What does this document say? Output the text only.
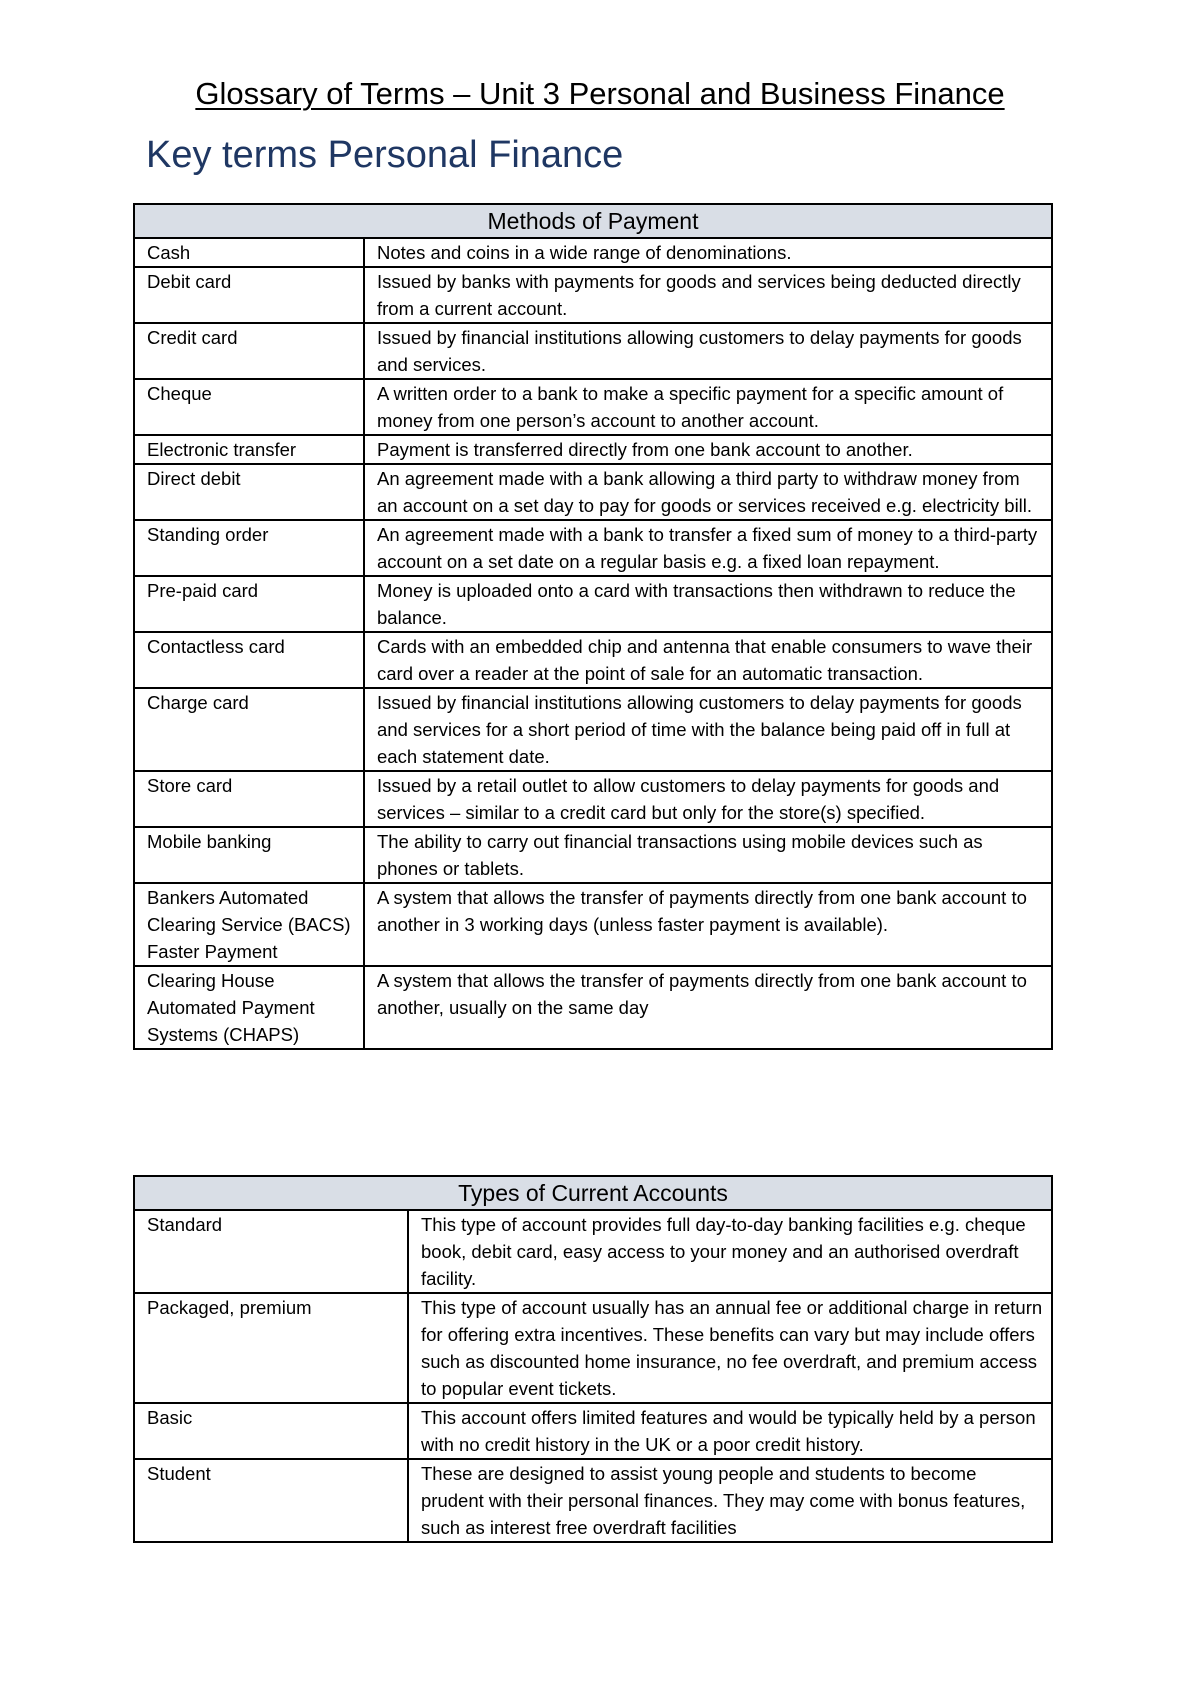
Glossary of Terms – Unit 3 Personal and Business Finance
Key terms Personal Finance
Methods of Payment	
Cash	Notes and coins in a wide range of denominations.
Debit card	Issued by banks with payments for goods and services being deducted directly from a current account.
Credit card	Issued by financial institutions allowing customers to delay payments for goods and services.
Cheque	A written order to a bank to make a specific payment for a specific amount of money from one person’s account to another account.
Electronic transfer	Payment is transferred directly from one bank account to another.
Direct debit	An agreement made with a bank allowing a third party to withdraw money from an account on a set day to pay for goods or services received e.g. electricity bill.
Standing order	An agreement made with a bank to transfer a fixed sum of money to a third-party account on a set date on a regular basis e.g. a fixed loan repayment.
Pre-paid card	Money is uploaded onto a card with transactions then withdrawn to reduce the balance.
Contactless card	Cards with an embedded chip and antenna that enable consumers to wave their card over a reader at the point of sale for an automatic transaction.
Charge card	Issued by financial institutions allowing customers to delay payments for goods and services for a short period of time with the balance being paid off in full at each statement date.
Store card	Issued by a retail outlet to allow customers to delay payments for goods and services – similar to a credit card but only for the store(s) specified.
Mobile banking	The ability to carry out financial transactions using mobile devices such as phones or tablets.
Bankers Automated Clearing Service (BACS) Faster Payment	A system that allows the transfer of payments directly from one bank account to another in 3 working days (unless faster payment is available).
Clearing House Automated Payment Systems (CHAPS)	A system that allows the transfer of payments directly from one bank account to another, usually on the same day
Types of Current Accounts	
Standard	This type of account provides full day-to-day banking facilities e.g. cheque book, debit card, easy access to your money and an authorised overdraft facility.
Packaged, premium	This type of account usually has an annual fee or additional charge in return for offering extra incentives. These benefits can vary but may include offers such as discounted home insurance, no fee overdraft, and premium access to popular event tickets.
Basic	This account offers limited features and would be typically held by a person with no credit history in the UK or a poor credit history.
Student	These are designed to assist young people and students to become prudent with their personal finances. They may come with bonus features, such as interest free overdraft facilities
